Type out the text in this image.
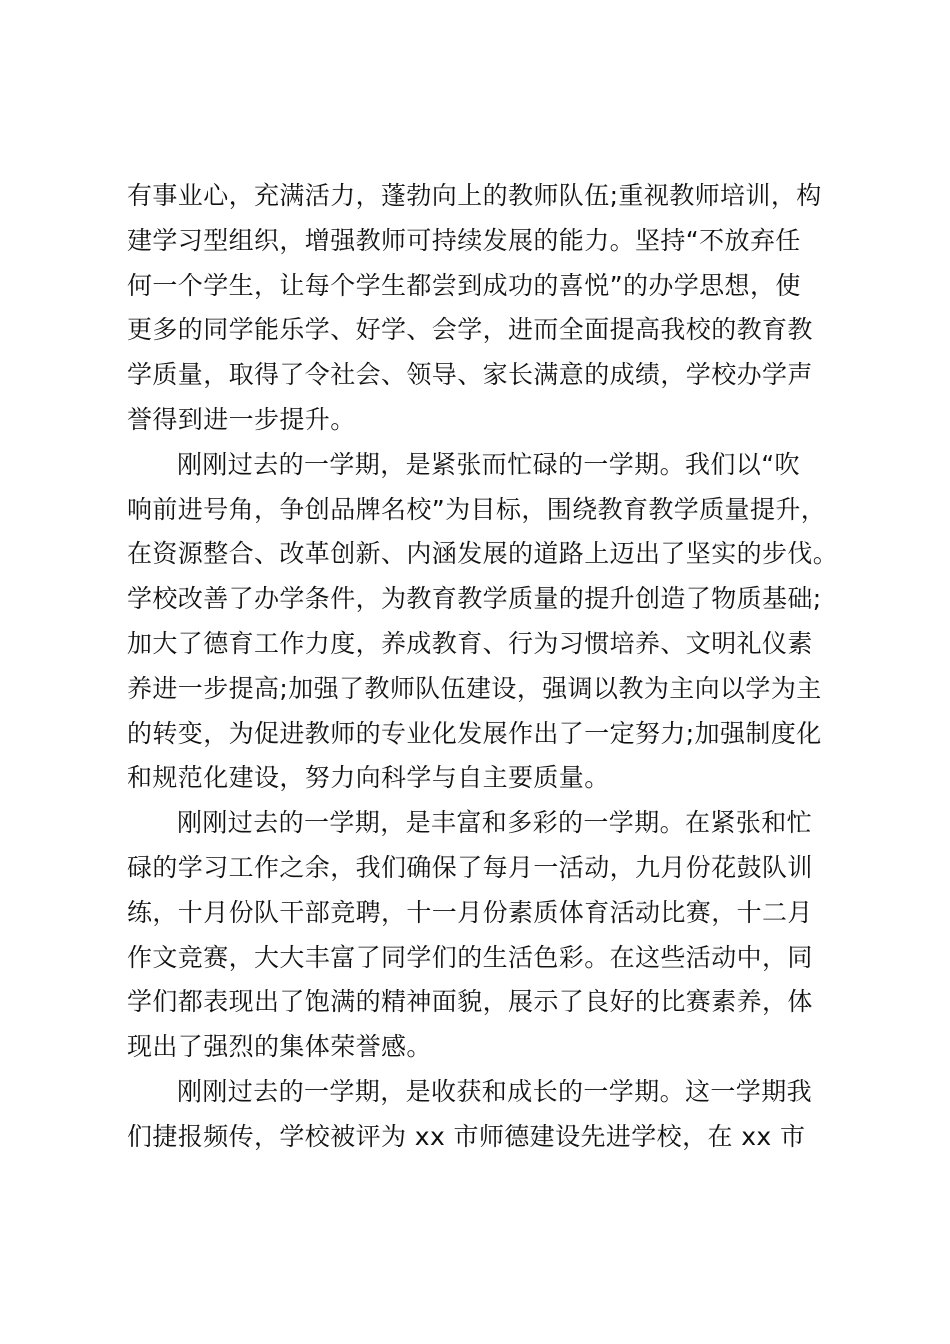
有事业心，充满活力，蓬勃向上的教师队伍;重视教师培训，构
建学习型组织，增强教师可持续发展的能力。坚持“不放弃任
何一个学生，让每个学生都尝到成功的喜悦”的办学思想，使
更多的同学能乐学、好学、会学，进而全面提高我校的教育教
学质量，取得了令社会、领导、家长满意的成绩，学校办学声
誉得到进一步提升。
刚刚过去的一学期，是紧张而忙碌的一学期。我们以“吹
响前进号角，争创品牌名校”为目标，围绕教育教学质量提升，
在资源整合、改革创新、内涵发展的道路上迈出了坚实的步伐。
学校改善了办学条件，为教育教学质量的提升创造了物质基础;
加大了德育工作力度，养成教育、行为习惯培养、文明礼仪素
养进一步提高;加强了教师队伍建设，强调以教为主向以学为主
的转变，为促进教师的专业化发展作出了一定努力;加强制度化
和规范化建设，努力向科学与自主要质量。
刚刚过去的一学期，是丰富和多彩的一学期。在紧张和忙
碌的学习工作之余，我们确保了每月一活动，九月份花鼓队训
练，十月份队干部竞聘，十一月份素质体育活动比赛，十二月
作文竞赛，大大丰富了同学们的生活色彩。在这些活动中，同
学们都表现出了饱满的精神面貌，展示了良好的比赛素养，体
现出了强烈的集体荣誉感。
刚刚过去的一学期，是收获和成长的一学期。这一学期我
们捷报频传，学校被评为 xx 市师德建设先进学校，在 xx 市
